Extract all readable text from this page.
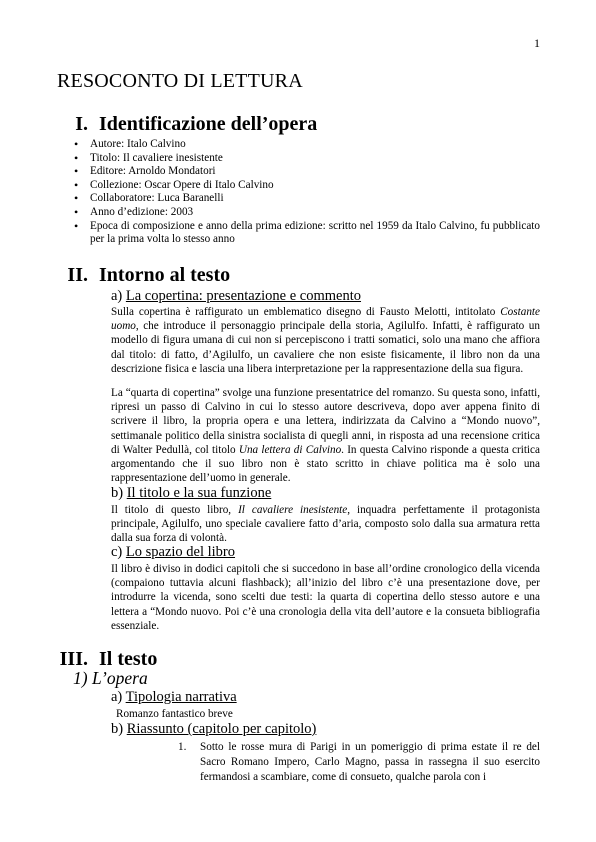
1
RESOCONTO DI LETTURA
I. Identificazione dell’opera
• Autore: Italo Calvino
• Titolo: Il cavaliere inesistente
• Editore: Arnoldo Mondatori
• Collezione: Oscar Opere di Italo Calvino
• Collaboratore: Luca Baranelli
• Anno d’edizione: 2003
• Epoca di composizione e anno della prima edizione: scritto nel 1959 da Italo Calvino, fu pubblicato per la prima volta lo stesso anno
II. Intorno al testo
a) La copertina: presentazione e commento
Sulla copertina è raffigurato un emblematico disegno di Fausto Melotti, intitolato Costante uomo, che introduce il personaggio principale della storia, Agilulfo. Infatti, è raffigurato un modello di figura umana di cui non si percepiscono i tratti somatici, solo una mano che affiora dal titolo: di fatto, d’Agilulfo, un cavaliere che non esiste fisicamente, il libro non da una descrizione fisica e lascia una libera interpretazione per la rappresentazione della sua figura.
La “quarta di copertina” svolge una funzione presentatrice del romanzo. Su questa sono, infatti, ripresi un passo di Calvino in cui lo stesso autore descriveva, dopo aver appena finito di scrivere il libro, la propria opera e una lettera, indirizzata da Calvino a “Mondo nuovo”, settimanale politico della sinistra socialista di quegli anni, in risposta ad una recensione critica di Walter Pedullà, col titolo Una lettera di Calvino. In questa Calvino risponde a questa critica argomentando che il suo libro non è stato scritto in chiave politica ma è solo una rappresentazione dell’uomo in generale.
b) Il titolo e la sua funzione
Il titolo di questo libro, Il cavaliere inesistente, inquadra perfettamente il protagonista principale, Agilulfo, uno speciale cavaliere fatto d’aria, composto solo dalla sua armatura retta dalla sua forza di volontà.
c) Lo spazio del libro
Il libro è diviso in dodici capitoli che si succedono in base all’ordine cronologico della vicenda (compaiono tuttavia alcuni flashback); all’inizio del libro c’è una presentazione dove, per introdurre la vicenda, sono scelti due testi: la quarta di copertina dello stesso autore e una lettera a “Mondo nuovo. Poi c’è una cronologia della vita dell’autore e la consueta bibliografia essenziale.
III. Il testo
1) L’opera
a) Tipologia narrativa
Romanzo fantastico breve
b) Riassunto (capitolo per capitolo)
1. Sotto le rosse mura di Parigi in un pomeriggio di prima estate il re del Sacro Romano Impero, Carlo Magno, passa in rassegna il suo esercito fermandosi a scambiare, come di consueto, qualche parola con i
